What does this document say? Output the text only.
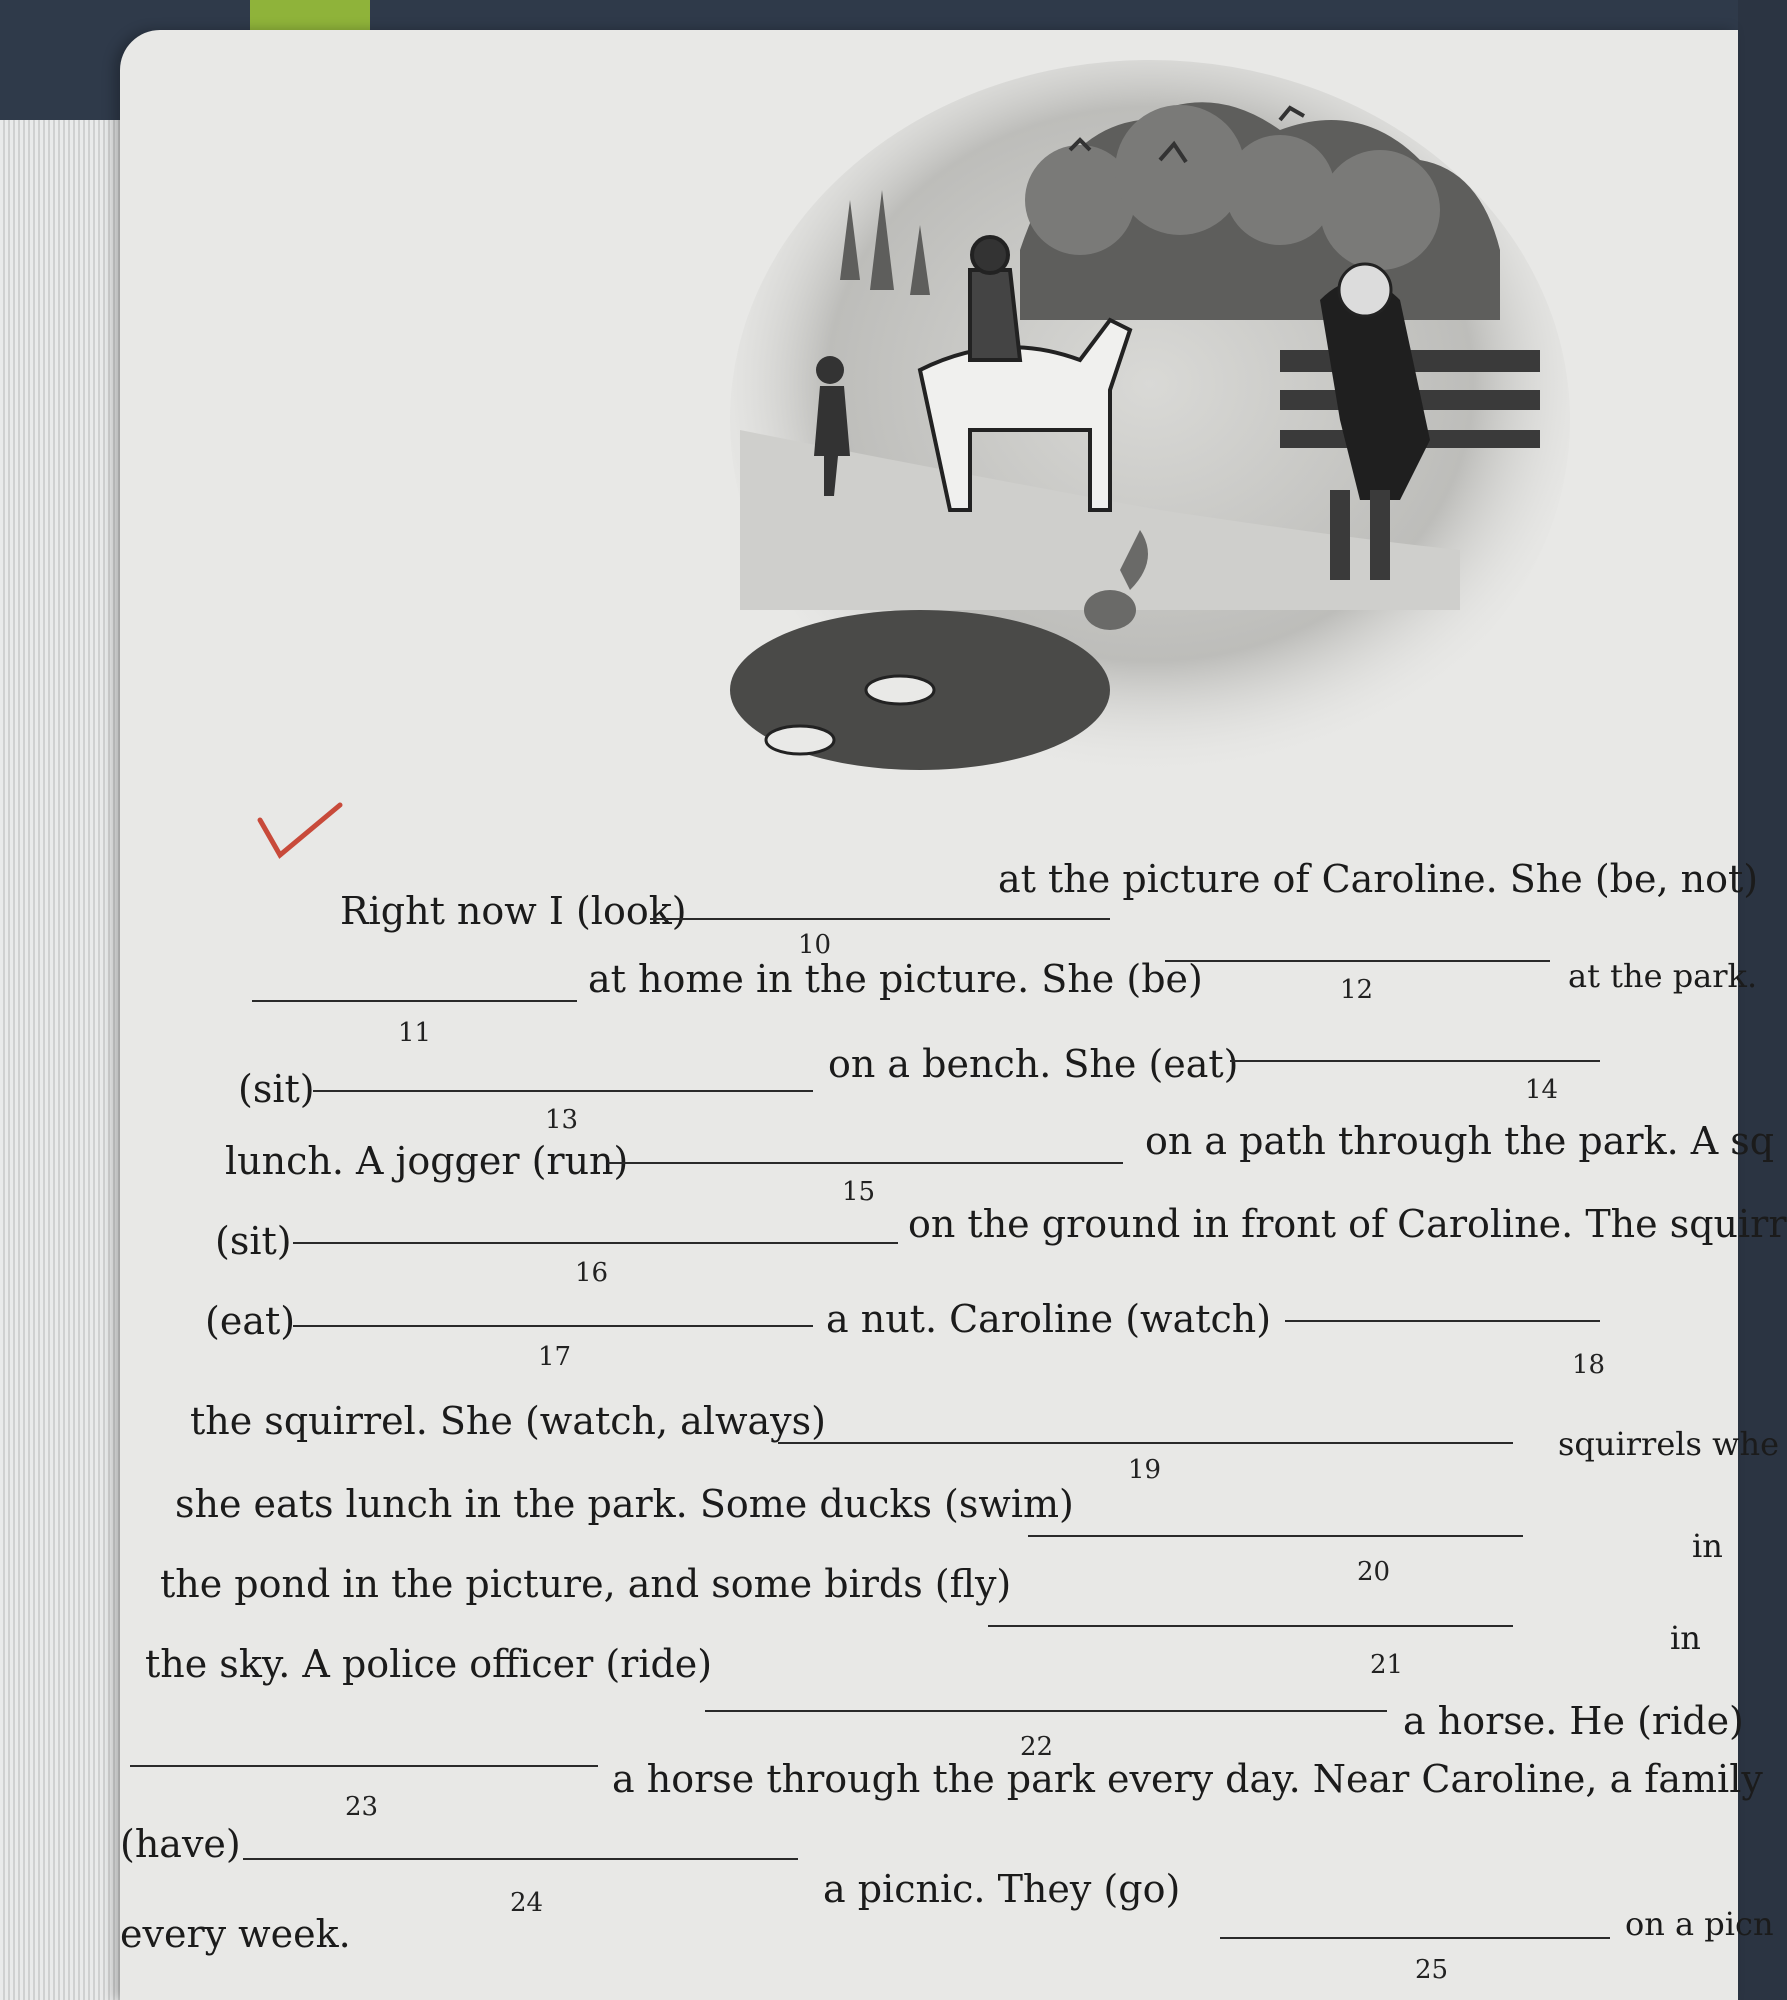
Right now I (look)
10
at the picture of Caroline. She (be, not)
11
at home in the picture. She (be)	12	at the park.
(sit)
13
on a bench. She (eat)
14
lunch. A jogger (run)
15
on a path through the park. A sq
(sit)
16
on the ground in front of Caroline. The squirr
(eat)
17
a nut. Caroline (watch)
18
the squirrel. She (watch, always)
19
squirrels whe
she eats lunch in the park. Some ducks (swim)
20
in
the pond in the picture, and some birds (fly)
21
in
the sky. A police officer (ride)
22
a horse. He (ride)
23
a horse through the park every day. Near Caroline, a family
(have)
24	a picnic. They (go)
25
on a picn
every week.
